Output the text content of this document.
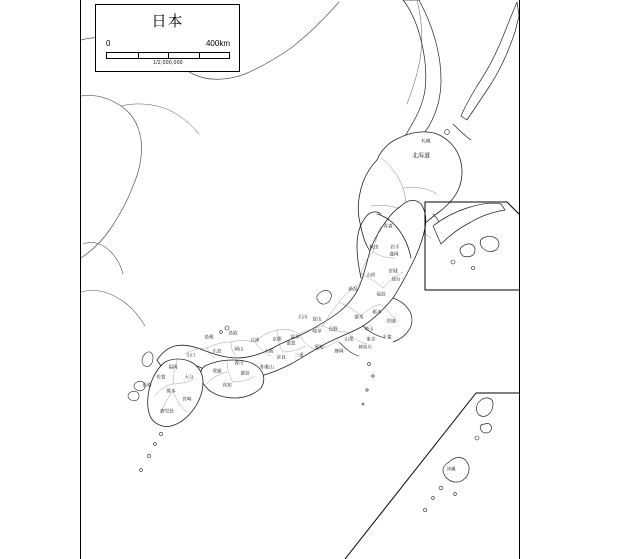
北海道
札幌
青森
秋田	岩手
盛岡
山形
宮城
仙台
福島
新潟
富山
石川
福井
長野
群馬
栃木
茨城
埼玉
東京 千葉
神奈川
山梨
静岡
愛知
岐阜
三重
滋賀
京都
奈良
大阪
兵庫
和歌山
鳥取
島根
岡山
広島
山口
香川
徳島
愛媛
高知
福岡
大分
佐賀
長崎
熊本
宮崎
鹿児島
沖縄
日本
0	400km
1/2,000,000
